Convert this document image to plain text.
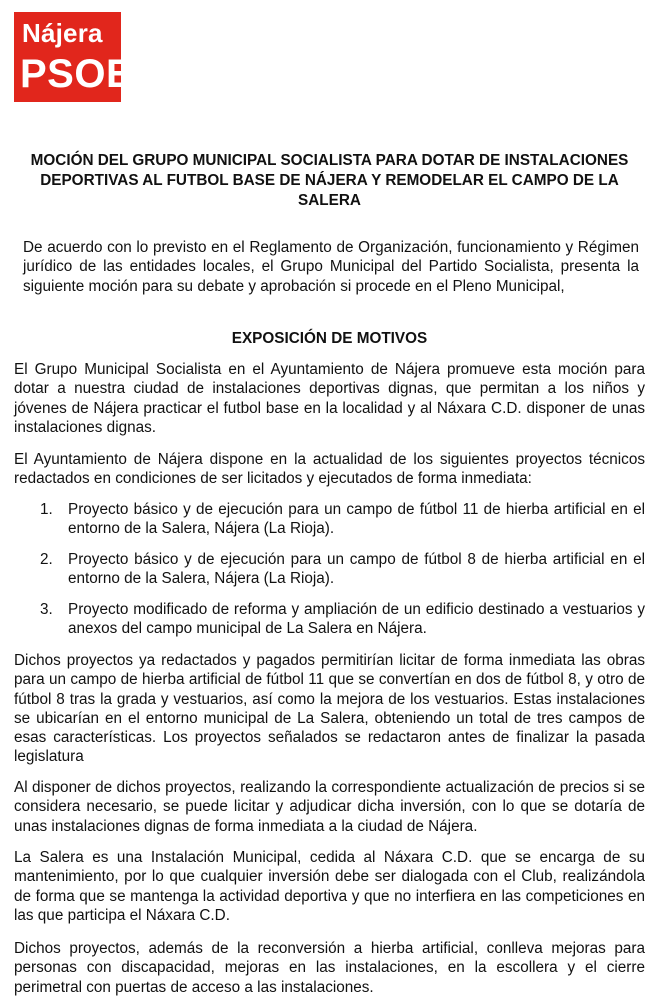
Nájera
PSOE
MOCIÓN DEL GRUPO MUNICIPAL SOCIALISTA PARA DOTAR DE INSTALACIONES DEPORTIVAS AL FUTBOL BASE DE NÁJERA Y REMODELAR EL CAMPO DE LA SALERA

De acuerdo con lo previsto en el Reglamento de Organización, funcionamiento y Régimen jurídico de las entidades locales, el Grupo Municipal del Partido Socialista, presenta la siguiente moción para su debate y aprobación si procede en el Pleno Municipal,

EXPOSICIÓN DE MOTIVOS

El Grupo Municipal Socialista en el Ayuntamiento de Nájera promueve esta moción para dotar a nuestra ciudad de instalaciones deportivas dignas, que permitan a los niños y jóvenes de Nájera practicar el futbol base en la localidad y al Náxara C.D. disponer de unas instalaciones dignas.

El Ayuntamiento de Nájera dispone en la actualidad de los siguientes proyectos técnicos redactados en condiciones de ser licitados y ejecutados de forma inmediata:

1. Proyecto básico y de ejecución para un campo de fútbol 11 de hierba artificial en el entorno de la Salera, Nájera (La Rioja).
2. Proyecto básico y de ejecución para un campo de fútbol 8 de hierba artificial en el entorno de la Salera, Nájera (La Rioja).
3. Proyecto modificado de reforma y ampliación de un edificio destinado a vestuarios y anexos del campo municipal de La Salera en Nájera.

Dichos proyectos ya redactados y pagados permitirían licitar de forma inmediata las obras para un campo de hierba artificial de fútbol 11 que se convertían en dos de fútbol 8, y otro de fútbol 8 tras la grada y vestuarios, así como la mejora de los vestuarios. Estas instalaciones se ubicarían en el entorno municipal de La Salera, obteniendo un total de tres campos de esas características. Los proyectos señalados se redactaron antes de finalizar la pasada legislatura

Al disponer de dichos proyectos, realizando la correspondiente actualización de precios si se considera necesario, se puede licitar y adjudicar dicha inversión, con lo que se dotaría de unas instalaciones dignas de forma inmediata a la ciudad de Nájera.

La Salera es una Instalación Municipal, cedida al Náxara C.D. que se encarga de su mantenimiento, por lo que cualquier inversión debe ser dialogada con el Club, realizándola de forma que se mantenga la actividad deportiva y que no interfiera en las competiciones en las que participa el Náxara C.D.

Dichos proyectos, además de la reconversión a hierba artificial, conlleva mejoras para personas con discapacidad, mejoras en las instalaciones, en la escollera y el cierre perimetral con puertas de acceso a las instalaciones.
